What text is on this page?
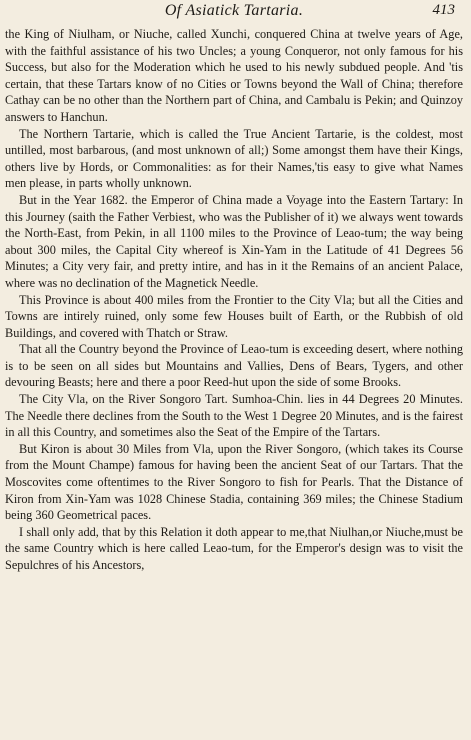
Of Asiatick Tartaria.	413

the King of Niulham, or Niuche, called Xunchi, conquered China at twelve years of Age, with the faithful assistance of his two Uncles; a young Conqueror, not only famous for his Success, but also for the Moderation which he used to his newly subdued people. And 'tis certain, that these Tartars know of no Cities or Towns beyond the Wall of China; therefore Cathay can be no other than the Northern part of China, and Cambalu is Pekin; and Quinzoy answers to Hanchun.

The Northern Tartarie, which is called the True Ancient Tartarie, is the coldest, most untilled, most barbarous, (and most unknown of all;) Some amongst them have their Kings, others live by Hords, or Commonalities: as for their Names,'tis easy to give what Names men please, in parts wholly unknown.

But in the Year 1682. the Emperor of China made a Voyage into the Eastern Tartary: In this Journey (saith the Father Verbiest, who was the Publisher of it) we always went towards the North-East, from Pekin, in all 1100 miles to the Province of Leao-tum; the way being about 300 miles, the Capital City whereof is Xin-Yam in the Latitude of 41 Degrees 56 Minutes; a City very fair, and pretty intire, and has in it the Remains of an ancient Palace, where was no declination of the Magnetick Needle.

This Province is about 400 miles from the Frontier to the City Vla; but all the Cities and Towns are intirely ruined, only some few Houses built of Earth, or the Rubbish of old Buildings, and covered with Thatch or Straw.

That all the Country beyond the Province of Leao-tum is exceeding desert, where nothing is to be seen on all sides but Mountains and Vallies, Dens of Bears, Tygers, and other devouring Beasts; here and there a poor Reed-hut upon the side of some Brooks.

The City Vla, on the River Songoro Tart. Sumhoa-Chin. lies in 44 Degrees 20 Minutes. The Needle there declines from the South to the West 1 Degree 20 Minutes, and is the fairest in all this Country, and sometimes also the Seat of the Empire of the Tartars.

But Kiron is about 30 Miles from Vla, upon the River Songoro, (which takes its Course from the Mount Champe) famous for having been the ancient Seat of our Tartars. That the Moscovites come oftentimes to the River Songoro to fish for Pearls. That the Distance of Kiron from Xin-Yam was 1028 Chinese Stadia, containing 369 miles; the Chinese Stadium being 360 Geometrical paces.

I shall only add, that by this Relation it doth appear to me,that Niulhan,or Niuche,must be the same Country which is here called Leao-tum, for the Emperor's design was to visit the Sepulchres of his Ancestors,
